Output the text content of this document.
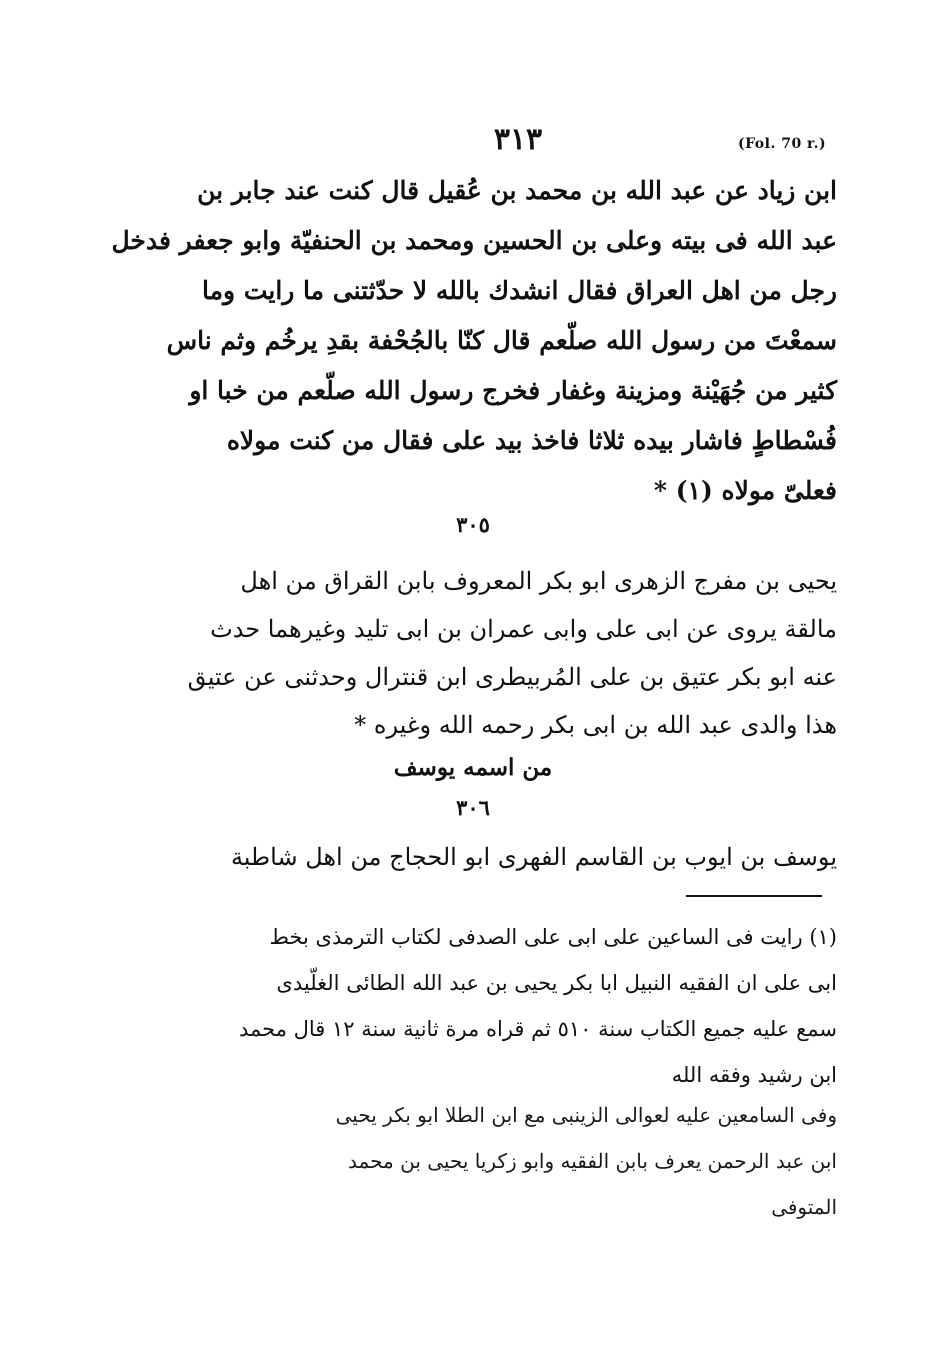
٣١٣	(Fol. 70 r.)
ابن زياد عن عبد الله بن محمد بن عُقيل قال كنت عند جابر بن
عبد الله فى بيته وعلى بن الحسين ومحمد بن الحنفيّة وابو جعفر فدخل
رجل من اهل العراق فقال انشدك بالله لا حدّثتنى ما رايت وما
سمعْتَ من رسول الله صلّعم قال كنّا بالجُحْفة بقدِ يرخُم وثم ناس
كثير من جُهَيْنة ومزينة وغفار فخرج رسول الله صلّعم من خبا او
فُسْطاطٍ فاشار بيده ثلاثا فاخذ بيد على فقال من كنت مولاه
فعلىّ مولاه (١) *
٣٠٥
يحيى بن مفرج الزهرى ابو بكر المعروف بابن القراق من اهل
مالقة يروى عن ابى على وابى عمران بن ابى تليد وغيرهما حدث
عنه ابو بكر عتيق بن على المُربيطرى ابن قنترال وحدثنى عن عتيق
هذا والدى عبد الله بن ابى بكر رحمه الله وغيره *
من اسمه يوسف
٣٠٦
يوسف بن ايوب بن القاسم الفهرى ابو الحجاج من اهل شاطبة
(١) رايت فى الساعين على ابى على الصدفى لكتاب الترمذى بخط
ابى على ان الفقيه النبيل ابا بكر يحيى بن عبد الله الطائى الغلّيدى
سمع عليه جميع الكتاب سنة ٥١٠ ثم قراه مرة ثانية سنة ١٢ قال محمد
ابن رشيد وفقه الله
وفى السامعين عليه لعوالى الزينبى مع ابن الطلا ابو بكر يحيى
ابن عبد الرحمن يعرف بابن الفقيه وابو زكريا يحيى بن محمد
المتوفى
